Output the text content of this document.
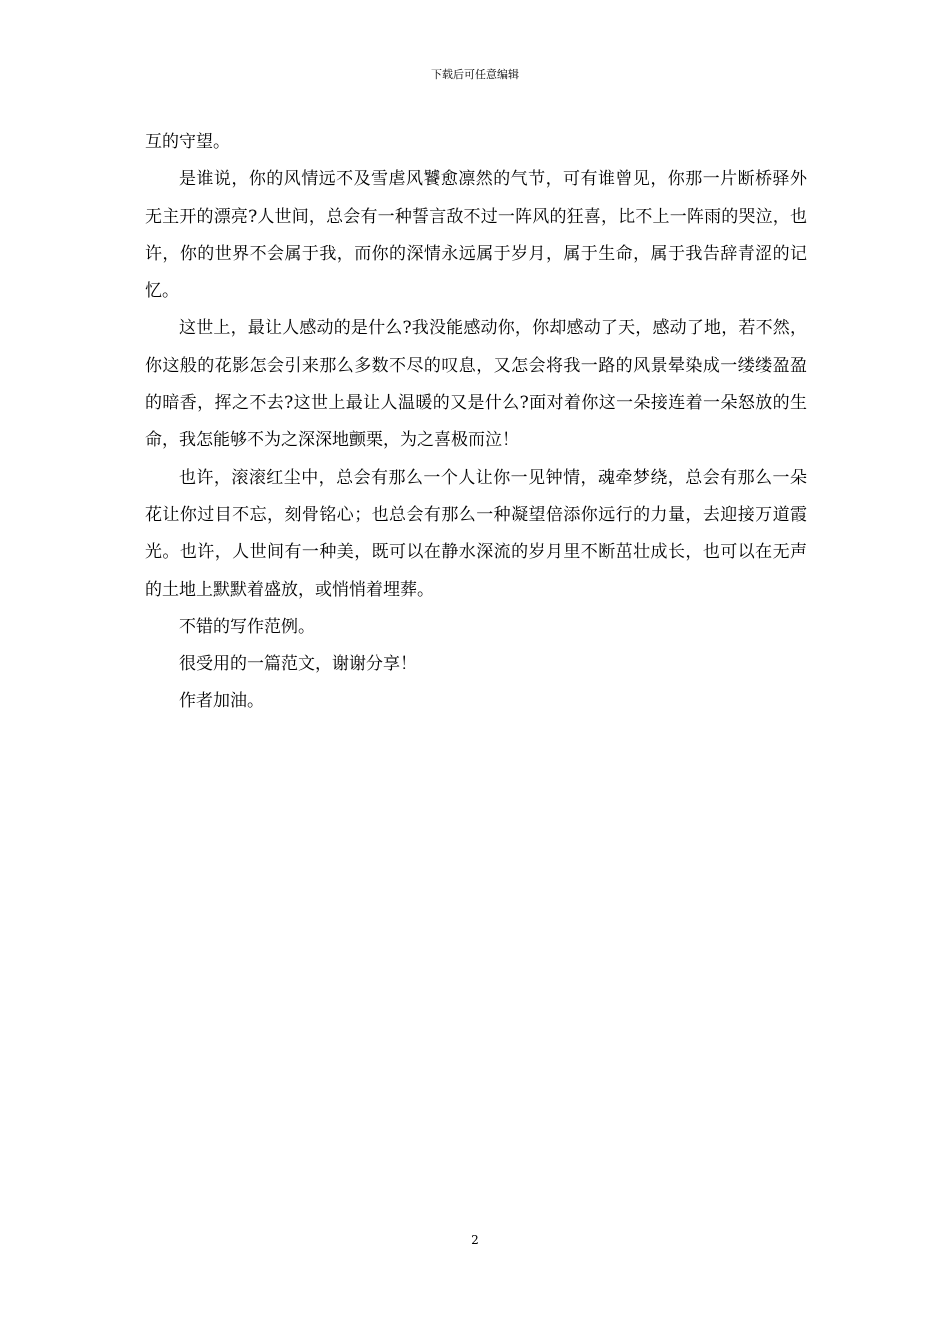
下载后可任意编辑

互的守望。

是谁说，你的风情远不及雪虐风饕愈凛然的气节，可有谁曾见，你那一片断桥驿外无主开的漂亮?人世间，总会有一种誓言敌不过一阵风的狂喜，比不上一阵雨的哭泣，也许，你的世界不会属于我，而你的深情永远属于岁月，属于生命，属于我告辞青涩的记忆。

这世上，最让人感动的是什么?我没能感动你，你却感动了天，感动了地，若不然，你这般的花影怎会引来那么多数不尽的叹息，又怎会将我一路的风景晕染成一缕缕盈盈的暗香，挥之不去?这世上最让人温暖的又是什么?面对着你这一朵接连着一朵怒放的生命，我怎能够不为之深深地颤栗，为之喜极而泣！

也许，滚滚红尘中，总会有那么一个人让你一见钟情，魂牵梦绕，总会有那么一朵花让你过目不忘，刻骨铭心；也总会有那么一种凝望倍添你远行的力量，去迎接万道霞光。也许，人世间有一种美，既可以在静水深流的岁月里不断茁壮成长，也可以在无声的土地上默默着盛放，或悄悄着埋葬。

不错的写作范例。

很受用的一篇范文，谢谢分享！

作者加油。

2
